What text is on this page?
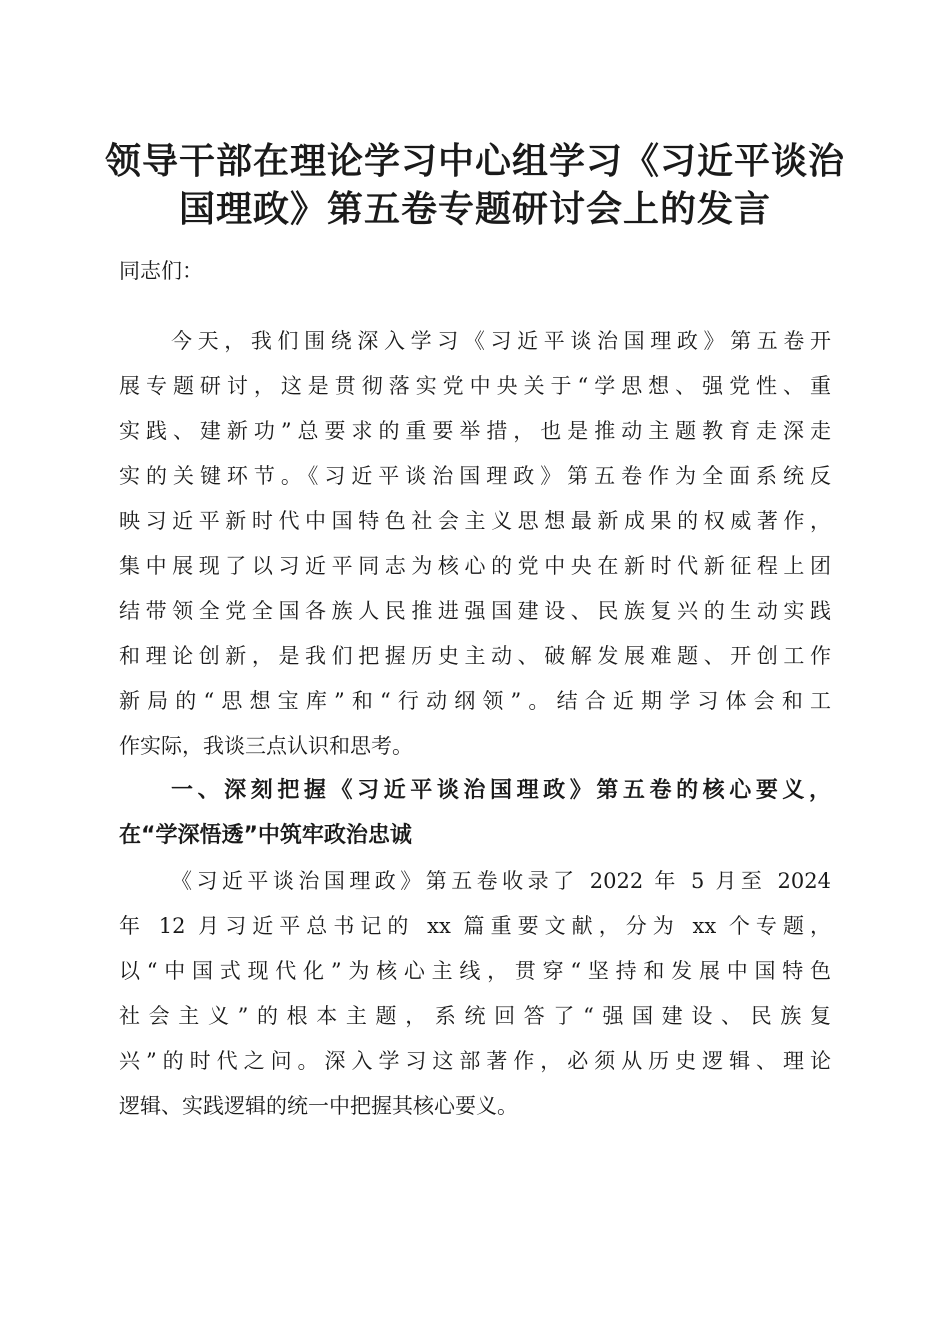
领导干部在理论学习中心组学习《习近平谈治
国理政》第五卷专题研讨会上的发言

同志们：

今天，我们围绕深入学习《习近平谈治国理政》第五卷开

展专题研讨，这是贯彻落实党中央关于“学思想、强党性、重

实践、建新功”总要求的重要举措，也是推动主题教育走深走

实的关键环节。《习近平谈治国理政》第五卷作为全面系统反

映习近平新时代中国特色社会主义思想最新成果的权威著作，

集中展现了以习近平同志为核心的党中央在新时代新征程上团

结带领全党全国各族人民推进强国建设、民族复兴的生动实践

和理论创新，是我们把握历史主动、破解发展难题、开创工作

新局的“思想宝库”和“行动纲领”。结合近期学习体会和工

作实际，我谈三点认识和思考。

一、深刻把握《习近平谈治国理政》第五卷的核心要义，

在“学深悟透”中筑牢政治忠诚

《习近平谈治国理政》第五卷收录了 2022 年 5 月至 2024

年 12 月习近平总书记的 xx 篇重要文献，分为 xx 个专题，

以“中国式现代化”为核心主线，贯穿“坚持和发展中国特色

社会主义”的根本主题，系统回答了“强国建设、民族复

兴”的时代之问。深入学习这部著作，必须从历史逻辑、理论

逻辑、实践逻辑的统一中把握其核心要义。
